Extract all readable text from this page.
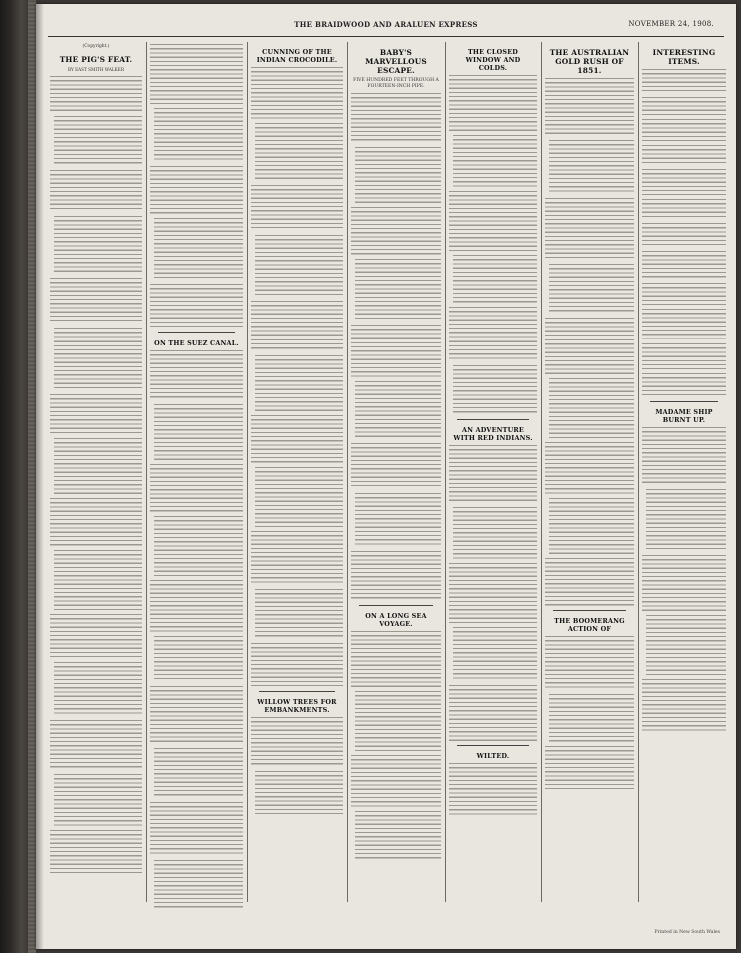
THE BRAIDWOOD AND ARALUEN EXPRESS	NOVEMBER 24, 1908.
(Copyright.)
THE PIG'S FEAT.
BY EAST SMITH WALKER
ON THE SUEZ CANAL.
CUNNING OF THE INDIAN CROCODILE.
WILLOW TREES FOR EMBANKMENTS.
BABY'S MARVELLOUS ESCAPE.
FIVE HUNDRED FEET THROUGH A FOURTEEN-INCH PIPE.
ON A LONG SEA VOYAGE.
THE CLOSED WINDOW AND COLDS.
AN ADVENTURE WITH RED INDIANS.
WILTED.
THE AUSTRALIAN GOLD RUSH OF 1851.
THE BOOMERANG ACTION OF
INTERESTING ITEMS.
MADAME SHIP BURNT UP.
Printed in New South Wales
